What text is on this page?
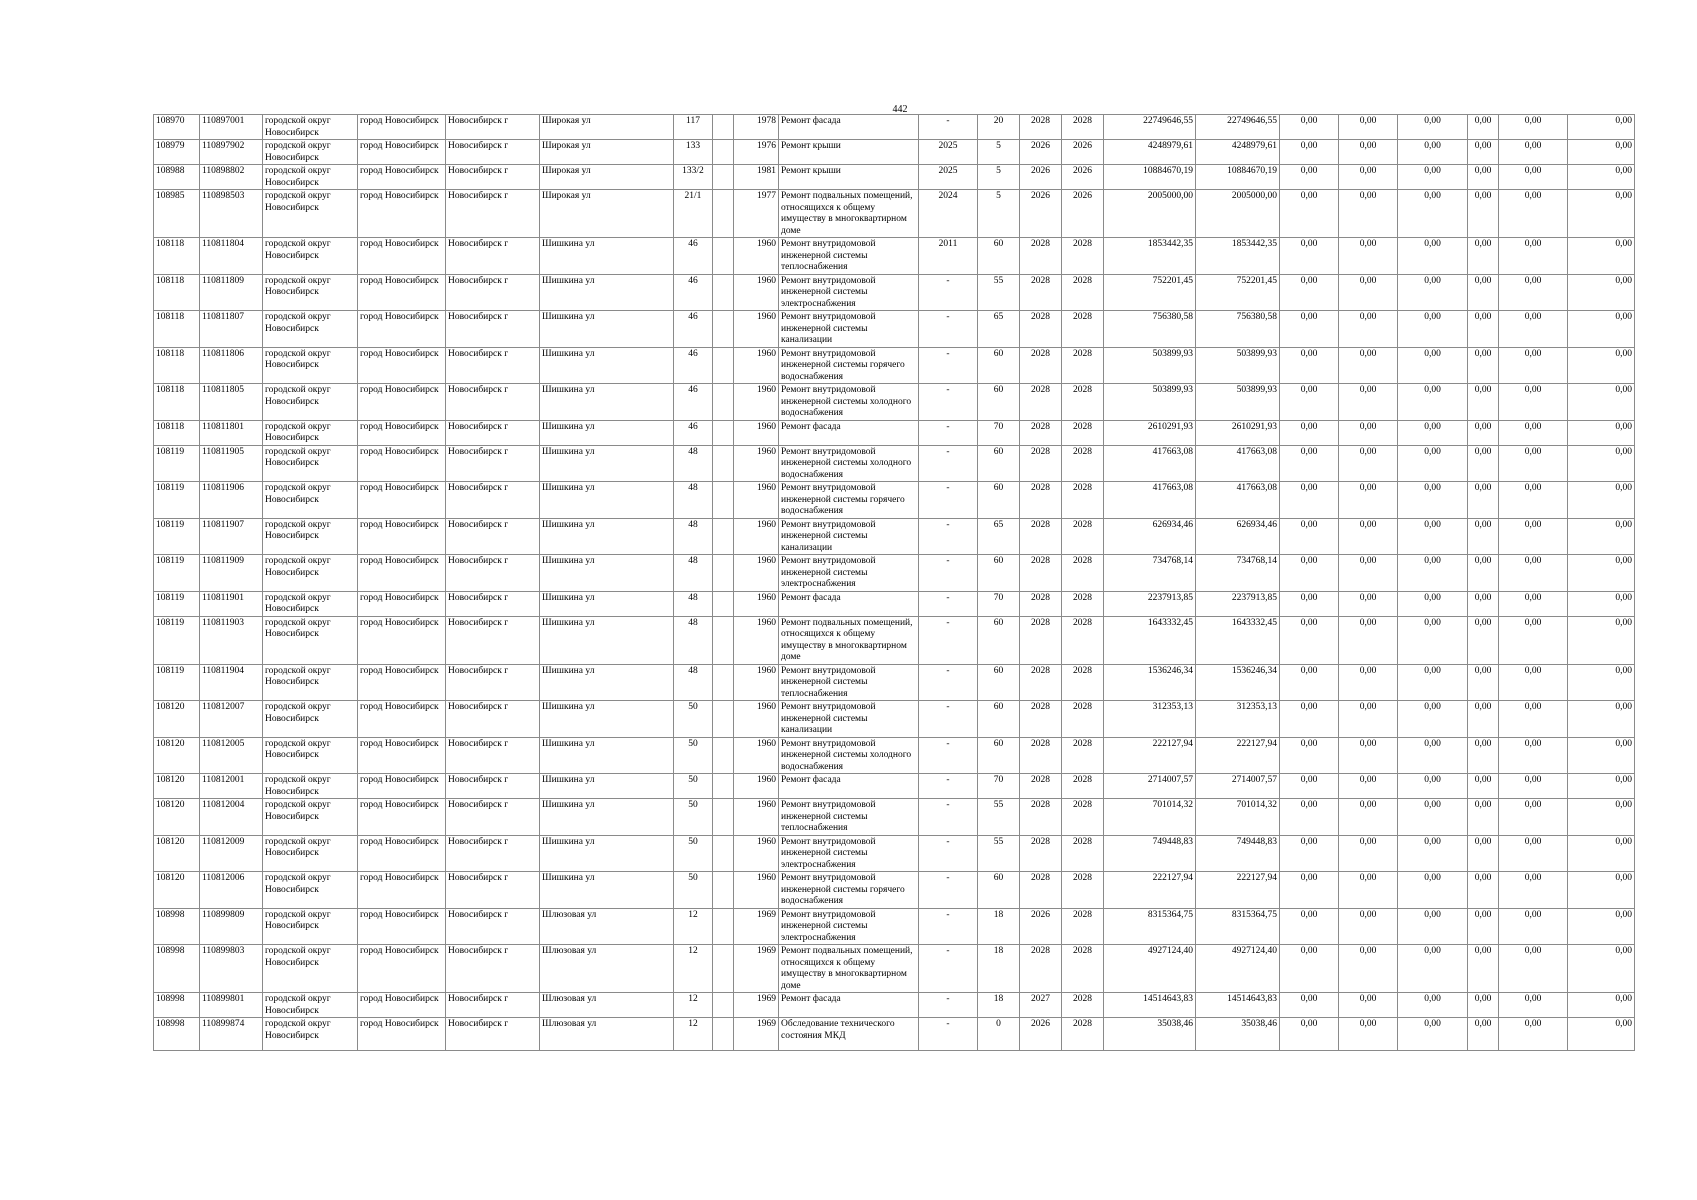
442
108970	110897001	городской округ Новосибирск	город Новосибирск	Новосибирск г	Широкая ул	117		1978	Ремонт фасада	-	20	2028	2028	22749646,55	22749646,55	0,00	0,00	0,00	0,00	0,00	0,00
108979	110897902	городской округ Новосибирск	город Новосибирск	Новосибирск г	Широкая ул	133		1976	Ремонт крыши	2025	5	2026	2026	4248979,61	4248979,61	0,00	0,00	0,00	0,00	0,00	0,00
108988	110898802	городской округ Новосибирск	город Новосибирск	Новосибирск г	Широкая ул	133/2		1981	Ремонт крыши	2025	5	2026	2026	10884670,19	10884670,19	0,00	0,00	0,00	0,00	0,00	0,00
108985	110898503	городской округ Новосибирск	город Новосибирск	Новосибирск г	Широкая ул	21/1		1977	Ремонт подвальных помещений, относящихся к общему имуществу в многоквартирном доме	2024	5	2026	2026	2005000,00	2005000,00	0,00	0,00	0,00	0,00	0,00	0,00
108118	110811804	городской округ Новосибирск	город Новосибирск	Новосибирск г	Шишкина ул	46		1960	Ремонт внутридомовой инженерной системы теплоснабжения	2011	60	2028	2028	1853442,35	1853442,35	0,00	0,00	0,00	0,00	0,00	0,00
108118	110811809	городской округ Новосибирск	город Новосибирск	Новосибирск г	Шишкина ул	46		1960	Ремонт внутридомовой инженерной системы электроснабжения	-	55	2028	2028	752201,45	752201,45	0,00	0,00	0,00	0,00	0,00	0,00
108118	110811807	городской округ Новосибирск	город Новосибирск	Новосибирск г	Шишкина ул	46		1960	Ремонт внутридомовой инженерной системы канализации	-	65	2028	2028	756380,58	756380,58	0,00	0,00	0,00	0,00	0,00	0,00
108118	110811806	городской округ Новосибирск	город Новосибирск	Новосибирск г	Шишкина ул	46		1960	Ремонт внутридомовой инженерной системы горячего водоснабжения	-	60	2028	2028	503899,93	503899,93	0,00	0,00	0,00	0,00	0,00	0,00
108118	110811805	городской округ Новосибирск	город Новосибирск	Новосибирск г	Шишкина ул	46		1960	Ремонт внутридомовой инженерной системы холодного водоснабжения	-	60	2028	2028	503899,93	503899,93	0,00	0,00	0,00	0,00	0,00	0,00
108118	110811801	городской округ Новосибирск	город Новосибирск	Новосибирск г	Шишкина ул	46		1960	Ремонт фасада	-	70	2028	2028	2610291,93	2610291,93	0,00	0,00	0,00	0,00	0,00	0,00
108119	110811905	городской округ Новосибирск	город Новосибирск	Новосибирск г	Шишкина ул	48		1960	Ремонт внутридомовой инженерной системы холодного водоснабжения	-	60	2028	2028	417663,08	417663,08	0,00	0,00	0,00	0,00	0,00	0,00
108119	110811906	городской округ Новосибирск	город Новосибирск	Новосибирск г	Шишкина ул	48		1960	Ремонт внутридомовой инженерной системы горячего водоснабжения	-	60	2028	2028	417663,08	417663,08	0,00	0,00	0,00	0,00	0,00	0,00
108119	110811907	городской округ Новосибирск	город Новосибирск	Новосибирск г	Шишкина ул	48		1960	Ремонт внутридомовой инженерной системы канализации	-	65	2028	2028	626934,46	626934,46	0,00	0,00	0,00	0,00	0,00	0,00
108119	110811909	городской округ Новосибирск	город Новосибирск	Новосибирск г	Шишкина ул	48		1960	Ремонт внутридомовой инженерной системы электроснабжения	-	60	2028	2028	734768,14	734768,14	0,00	0,00	0,00	0,00	0,00	0,00
108119	110811901	городской округ Новосибирск	город Новосибирск	Новосибирск г	Шишкина ул	48		1960	Ремонт фасада	-	70	2028	2028	2237913,85	2237913,85	0,00	0,00	0,00	0,00	0,00	0,00
108119	110811903	городской округ Новосибирск	город Новосибирск	Новосибирск г	Шишкина ул	48		1960	Ремонт подвальных помещений, относящихся к общему имуществу в многоквартирном доме	-	60	2028	2028	1643332,45	1643332,45	0,00	0,00	0,00	0,00	0,00	0,00
108119	110811904	городской округ Новосибирск	город Новосибирск	Новосибирск г	Шишкина ул	48		1960	Ремонт внутридомовой инженерной системы теплоснабжения	-	60	2028	2028	1536246,34	1536246,34	0,00	0,00	0,00	0,00	0,00	0,00
108120	110812007	городской округ Новосибирск	город Новосибирск	Новосибирск г	Шишкина ул	50		1960	Ремонт внутридомовой инженерной системы канализации	-	60	2028	2028	312353,13	312353,13	0,00	0,00	0,00	0,00	0,00	0,00
108120	110812005	городской округ Новосибирск	город Новосибирск	Новосибирск г	Шишкина ул	50		1960	Ремонт внутридомовой инженерной системы холодного водоснабжения	-	60	2028	2028	222127,94	222127,94	0,00	0,00	0,00	0,00	0,00	0,00
108120	110812001	городской округ Новосибирск	город Новосибирск	Новосибирск г	Шишкина ул	50		1960	Ремонт фасада	-	70	2028	2028	2714007,57	2714007,57	0,00	0,00	0,00	0,00	0,00	0,00
108120	110812004	городской округ Новосибирск	город Новосибирск	Новосибирск г	Шишкина ул	50		1960	Ремонт внутридомовой инженерной системы теплоснабжения	-	55	2028	2028	701014,32	701014,32	0,00	0,00	0,00	0,00	0,00	0,00
108120	110812009	городской округ Новосибирск	город Новосибирск	Новосибирск г	Шишкина ул	50		1960	Ремонт внутридомовой инженерной системы электроснабжения	-	55	2028	2028	749448,83	749448,83	0,00	0,00	0,00	0,00	0,00	0,00
108120	110812006	городской округ Новосибирск	город Новосибирск	Новосибирск г	Шишкина ул	50		1960	Ремонт внутридомовой инженерной системы горячего водоснабжения	-	60	2028	2028	222127,94	222127,94	0,00	0,00	0,00	0,00	0,00	0,00
108998	110899809	городской округ Новосибирск	город Новосибирск	Новосибирск г	Шлюзовая ул	12		1969	Ремонт внутридомовой инженерной системы электроснабжения	-	18	2026	2028	8315364,75	8315364,75	0,00	0,00	0,00	0,00	0,00	0,00
108998	110899803	городской округ Новосибирск	город Новосибирск	Новосибирск г	Шлюзовая ул	12		1969	Ремонт подвальных помещений, относящихся к общему имуществу в многоквартирном доме	-	18	2028	2028	4927124,40	4927124,40	0,00	0,00	0,00	0,00	0,00	0,00
108998	110899801	городской округ Новосибирск	город Новосибирск	Новосибирск г	Шлюзовая ул	12		1969	Ремонт фасада	-	18	2027	2028	14514643,83	14514643,83	0,00	0,00	0,00	0,00	0,00	0,00
108998	110899874	городской округ Новосибирск	город Новосибирск	Новосибирск г	Шлюзовая ул	12		1969	Обследование технического состояния МКД	-	0	2026	2028	35038,46	35038,46	0,00	0,00	0,00	0,00	0,00	0,00
